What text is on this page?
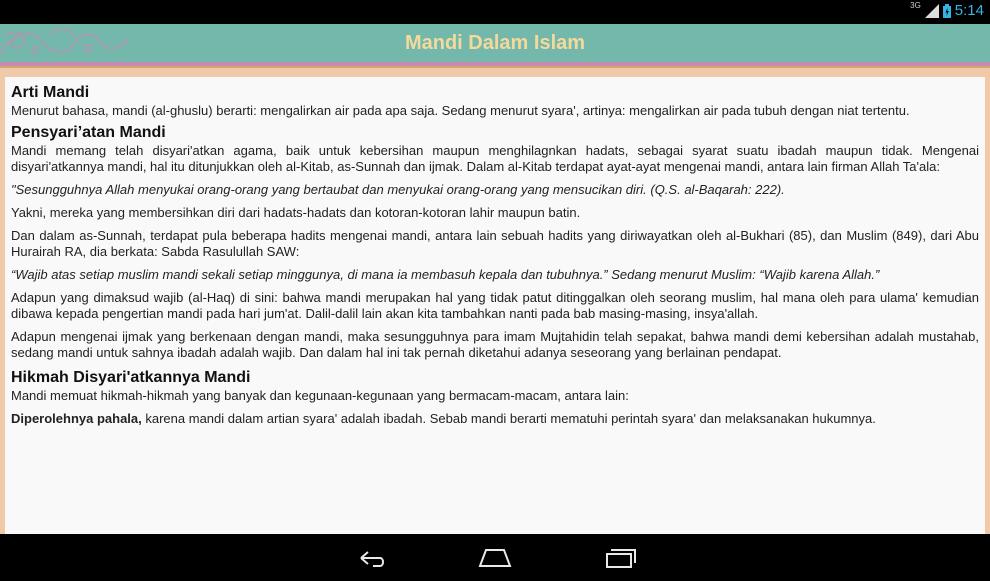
3G 5:14
Mandi Dalam Islam
Arti Mandi

Menurut bahasa, mandi (al-ghuslu) berarti: mengalirkan air pada apa saja. Sedang menurut syara', artinya: mengalirkan air pada tubuh dengan niat tertentu.

Pensyari’atan Mandi

Mandi memang telah disyari'atkan agama, baik untuk kebersihan maupun menghilagnkan hadats, sebagai syarat suatu ibadah maupun tidak. Mengenai disyari'atkannya mandi, hal itu ditunjukkan oleh al-Kitab, as-Sunnah dan ijmak. Dalam al-Kitab terdapat ayat-ayat mengenai mandi, antara lain firman Allah Ta'ala:

"Sesungguhnya Allah menyukai orang-orang yang bertaubat dan menyukai orang-orang yang mensucikan diri. (Q.S. al-Baqarah: 222).

Yakni, mereka yang membersihkan diri dari hadats-hadats dan kotoran-kotoran lahir maupun batin.

Dan dalam as-Sunnah, terdapat pula beberapa hadits mengenai mandi, antara lain sebuah hadits yang diriwayatkan oleh al-Bukhari (85), dan Muslim (849), dari Abu Hurairah RA, dia berkata: Sabda Rasulullah SAW:

“Wajib atas setiap muslim mandi sekali setiap minggunya, di mana ia membasuh kepala dan tubuhnya.” Sedang menurut Muslim: “Wajib karena Allah.”

Adapun yang dimaksud wajib (al-Haq) di sini: bahwa mandi merupakan hal yang tidak patut ditinggalkan oleh seorang muslim, hal mana oleh para ulama' kemudian dibawa kepada pengertian mandi pada hari jum'at. Dalil-dalil lain akan kita tambahkan nanti pada bab masing-masing, insya'allah.

Adapun mengenai ijmak yang berkenaan dengan mandi, maka sesungguhnya para imam Mujtahidin telah sepakat, bahwa mandi demi kebersihan adalah mustahab, sedang mandi untuk sahnya ibadah adalah wajib. Dan dalam hal ini tak pernah diketahui adanya seseorang yang berlainan pendapat.

Hikmah Disyari'atkannya Mandi

Mandi memuat hikmah-hikmah yang banyak dan kegunaan-kegunaan yang bermacam-macam, antara lain:

Diperolehnya pahala, karena mandi dalam artian syara' adalah ibadah. Sebab mandi berarti mematuhi perintah syara' dan melaksanakan hukumnya.
